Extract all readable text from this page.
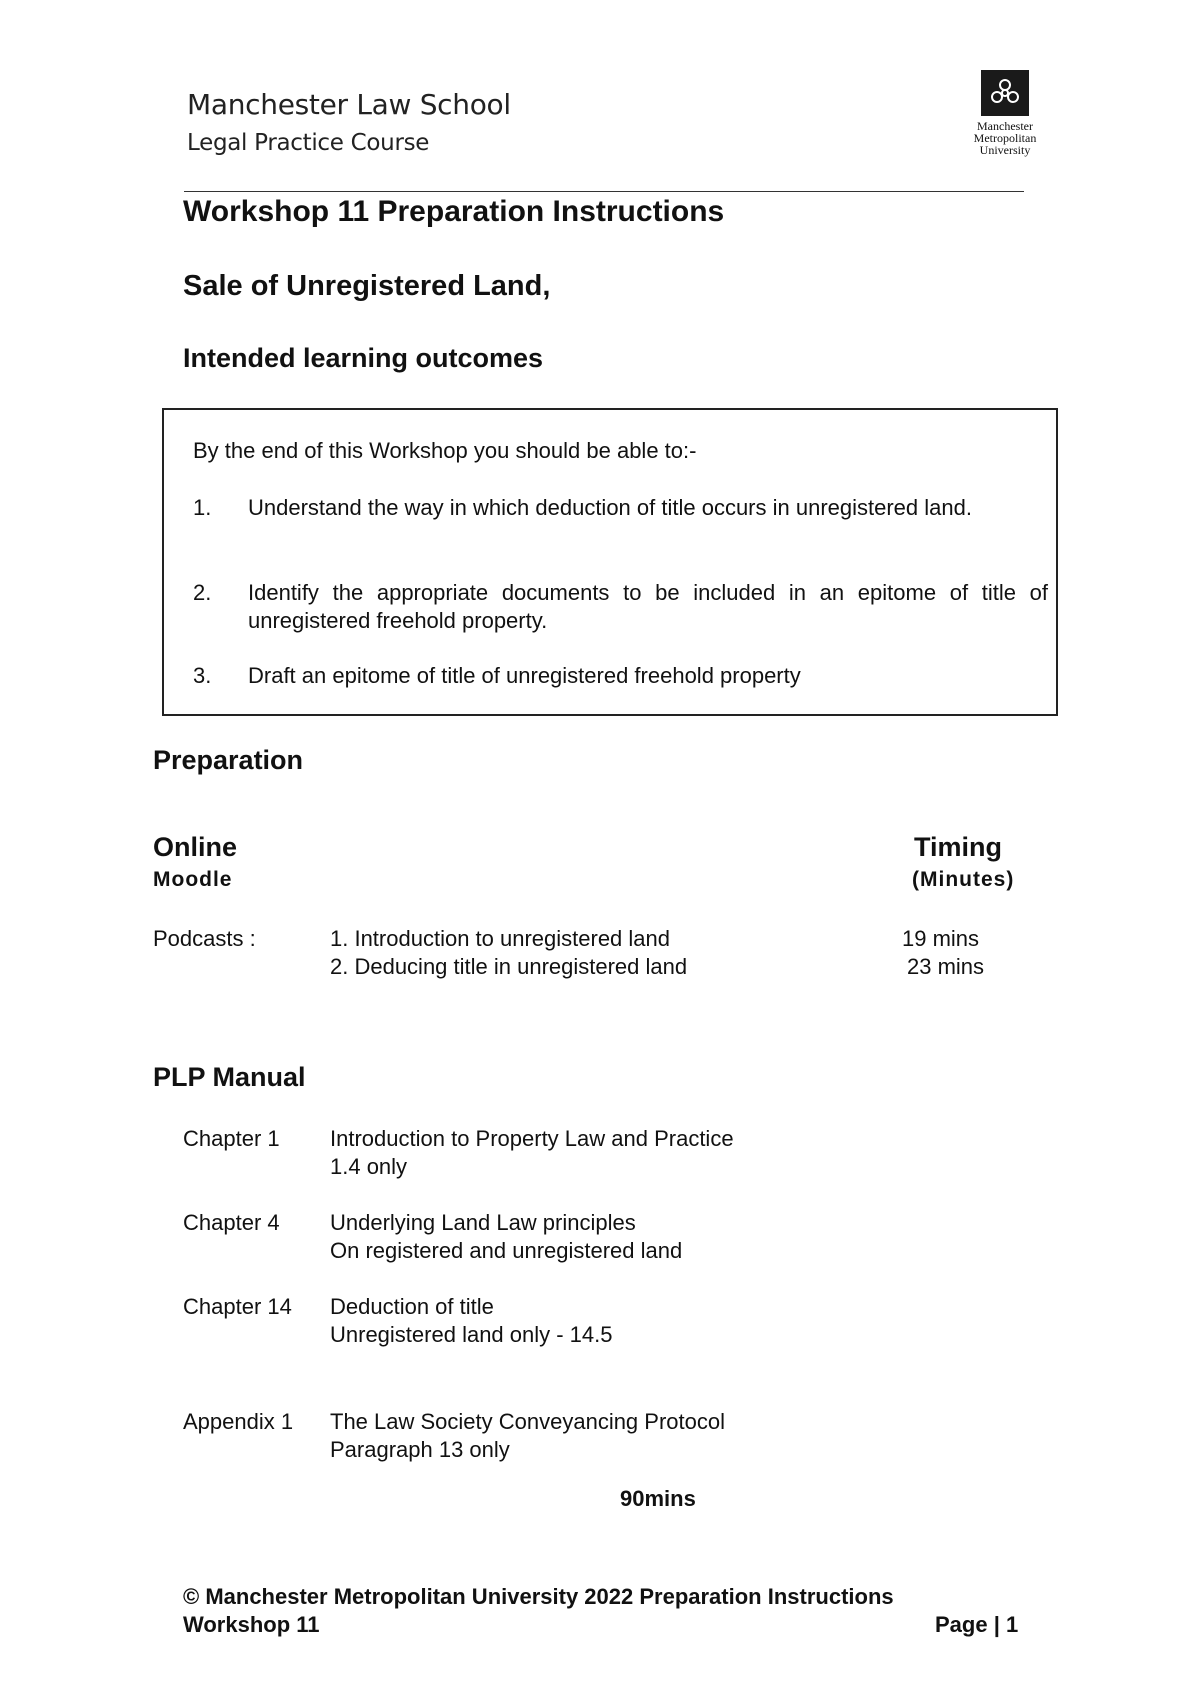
Manchester Law School
Legal Practice Course
Manchester
Metropolitan
University
Workshop 11 Preparation Instructions
Sale of Unregistered Land,
Intended learning outcomes
By the end of this Workshop you should be able to:-
1. Understand the way in which deduction of title occurs in unregistered land.
2. Identify the appropriate documents to be included in an epitome of title of unregistered freehold property.
3. Draft an epitome of title of unregistered freehold property
Preparation
Online
Moodle
Timing
(Minutes)
Podcasts :	1. Introduction to unregistered land	19 mins
2. Deducing title in unregistered land	23 mins
PLP Manual
Chapter 1 Introduction to Property Law and Practice
1.4 only
Chapter 4 Underlying Land Law principles
On registered and unregistered land
Chapter 14 Deduction of title
Unregistered land only - 14.5
Appendix 1 The Law Society Conveyancing Protocol
Paragraph 13 only
90mins
© Manchester Metropolitan University 2022 Preparation Instructions
Workshop 11	Page | 1
